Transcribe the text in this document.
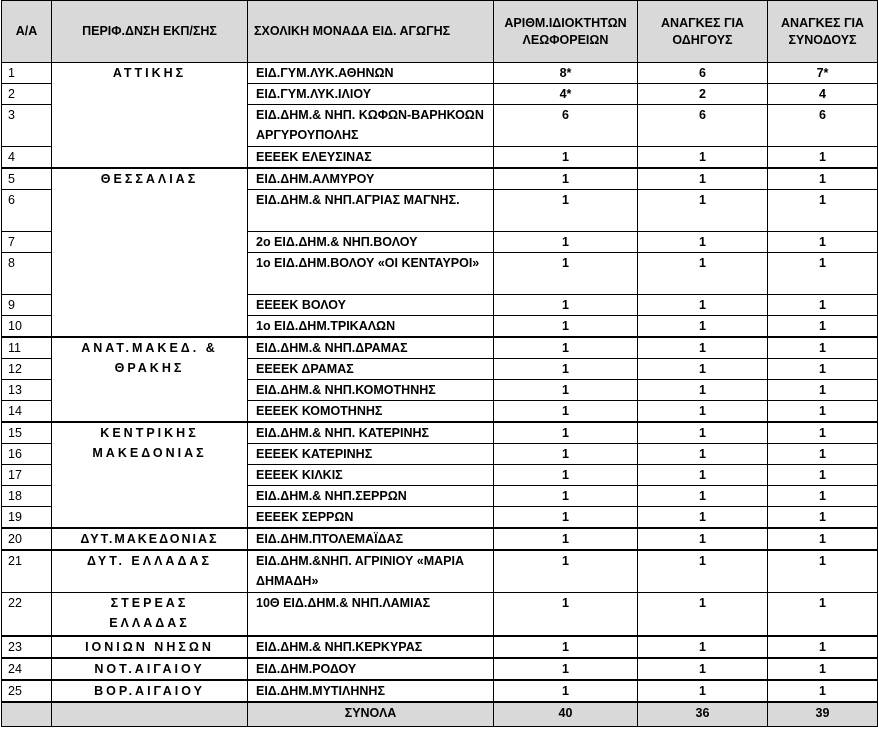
Α/Α	ΠΕΡΙΦ.ΔΝΣΗ ΕΚΠ/ΣΗΣ	ΣΧΟΛΙΚΗ ΜΟΝΑΔΑ ΕΙΔ. ΑΓΩΓΗΣ	ΑΡΙΘΜ.ΙΔΙΟΚΤΗΤΩΝ ΛΕΩΦΟΡΕΙΩΝ	ΑΝΑΓΚΕΣ ΓΙΑ ΟΔΗΓΟΥΣ	ΑΝΑΓΚΕΣ ΓΙΑ ΣΥΝΟΔΟΥΣ
1	ΑΤΤΙΚΗΣ	ΕΙΔ.ΓΥΜ.ΛΥΚ.ΑΘΗΝΩΝ	8*	6	7*
2		ΕΙΔ.ΓΥΜ.ΛΥΚ.ΙΛΙΟΥ	4*	2	4
3		ΕΙΔ.ΔΗΜ.& ΝΗΠ. ΚΩΦΩΝ-ΒΑΡΗΚΟΩΝ ΑΡΓΥΡΟΥΠΟΛΗΣ	6	6	6
4		ΕΕΕΕΚ ΕΛΕΥΣΙΝΑΣ	1	1	1
5	ΘΕΣΣΑΛΙΑΣ	ΕΙΔ.ΔΗΜ.ΑΛΜΥΡΟΥ	1	1	1
6		ΕΙΔ.ΔΗΜ.& ΝΗΠ.ΑΓΡΙΑΣ ΜΑΓΝΗΣ.	1	1	1
7		2ο ΕΙΔ.ΔΗΜ.& ΝΗΠ.ΒΟΛΟΥ	1	1	1
8		1ο ΕΙΔ.ΔΗΜ.ΒΟΛΟΥ «ΟΙ ΚΕΝΤΑΥΡΟΙ»	1	1	1
9		ΕΕΕΕΚ ΒΟΛΟΥ	1	1	1
10		1ο ΕΙΔ.ΔΗΜ.ΤΡΙΚΑΛΩΝ	1	1	1
11	ΑΝΑΤ.ΜΑΚΕΔ. & ΘΡΑΚΗΣ	ΕΙΔ.ΔΗΜ.& ΝΗΠ.ΔΡΑΜΑΣ	1	1	1
12		ΕΕΕΕΚ ΔΡΑΜΑΣ	1	1	1
13		ΕΙΔ.ΔΗΜ.& ΝΗΠ.ΚΟΜΟΤΗΝΗΣ	1	1	1
14		ΕΕΕΕΚ ΚΟΜΟΤΗΝΗΣ	1	1	1
15	ΚΕΝΤΡΙΚΗΣ ΜΑΚΕΔΟΝΙΑΣ	ΕΙΔ.ΔΗΜ.& ΝΗΠ. ΚΑΤΕΡΙΝΗΣ	1	1	1
16		ΕΕΕΕΚ ΚΑΤΕΡΙΝΗΣ	1	1	1
17		ΕΕΕΕΚ ΚΙΛΚΙΣ	1	1	1
18		ΕΙΔ.ΔΗΜ.& ΝΗΠ.ΣΕΡΡΩΝ	1	1	1
19		ΕΕΕΕΚ ΣΕΡΡΩΝ	1	1	1
20	ΔΥΤ.ΜΑΚΕΔΟΝΙΑΣ	ΕΙΔ.ΔΗΜ.ΠΤΟΛΕΜΑΪΔΑΣ	1	1	1
21	ΔΥΤ. ΕΛΛΑΔΑΣ	ΕΙΔ.ΔΗΜ.&ΝΗΠ. ΑΓΡΙΝΙΟΥ «ΜΑΡΙΑ ΔΗΜΑΔΗ»	1	1	1
22	ΣΤΕΡΕΑΣ ΕΛΛΑΔΑΣ	10Θ ΕΙΔ.ΔΗΜ.& ΝΗΠ.ΛΑΜΙΑΣ	1	1	1
23	ΙΟΝΙΩΝ ΝΗΣΩΝ	ΕΙΔ.ΔΗΜ.& ΝΗΠ.ΚΕΡΚΥΡΑΣ	1	1	1
24	ΝΟΤ.ΑΙΓΑΙΟΥ	ΕΙΔ.ΔΗΜ.ΡΟΔΟΥ	1	1	1
25	ΒΟΡ.ΑΙΓΑΙΟΥ	ΕΙΔ.ΔΗΜ.ΜΥΤΙΛΗΝΗΣ	1	1	1
		ΣΥΝΟΛΑ	40	36	39
